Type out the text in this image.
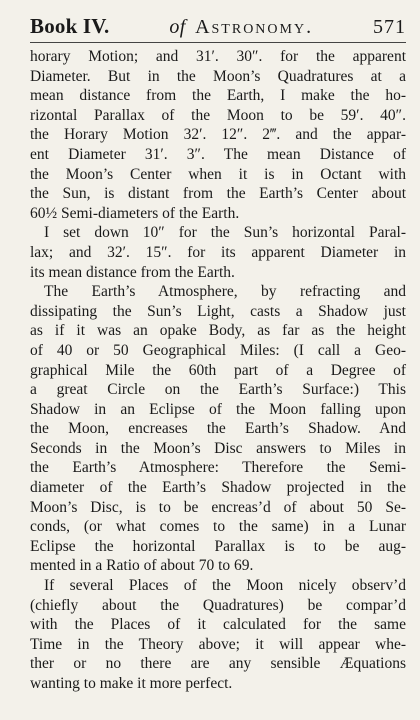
Book IV.	of Astronomy.	571
horary Motion; and 31′. 30″. for the apparent
Diameter. But in the Moon’s Quadratures at a
mean distance from the Earth, I make the ho-
rizontal Parallax of the Moon to be 59′. 40″.
the Horary Motion 32′. 12″. 2‴. and the appar-
ent Diameter 31′. 3″. The mean Distance of
the Moon’s Center when it is in Octant with
the Sun, is distant from the Earth’s Center about
60½ Semi-diameters of the Earth.
I set down 10″ for the Sun’s horizontal Paral-
lax; and 32′. 15″. for its apparent Diameter in
its mean distance from the Earth.
The Earth’s Atmosphere, by refracting and
dissipating the Sun’s Light, casts a Shadow just
as if it was an opake Body, as far as the height
of 40 or 50 Geographical Miles: (I call a Geo-
graphical Mile the 60th part of a Degree of
a great Circle on the Earth’s Surface:) This
Shadow in an Eclipse of the Moon falling upon
the Moon, encreases the Earth’s Shadow. And
Seconds in the Moon’s Disc answers to Miles in
the Earth’s Atmosphere: Therefore the Semi-
diameter of the Earth’s Shadow projected in the
Moon’s Disc, is to be encreas’d of about 50 Se-
conds, (or what comes to the same) in a Lunar
Eclipse the horizontal Parallax is to be aug-
mented in a Ratio of about 70 to 69.
If several Places of the Moon nicely observ’d
(chiefly about the Quadratures) be compar’d
with the Places of it calculated for the same
Time in the Theory above; it will appear whe-
ther or no there are any sensible Æquations
wanting to make it more perfect.
